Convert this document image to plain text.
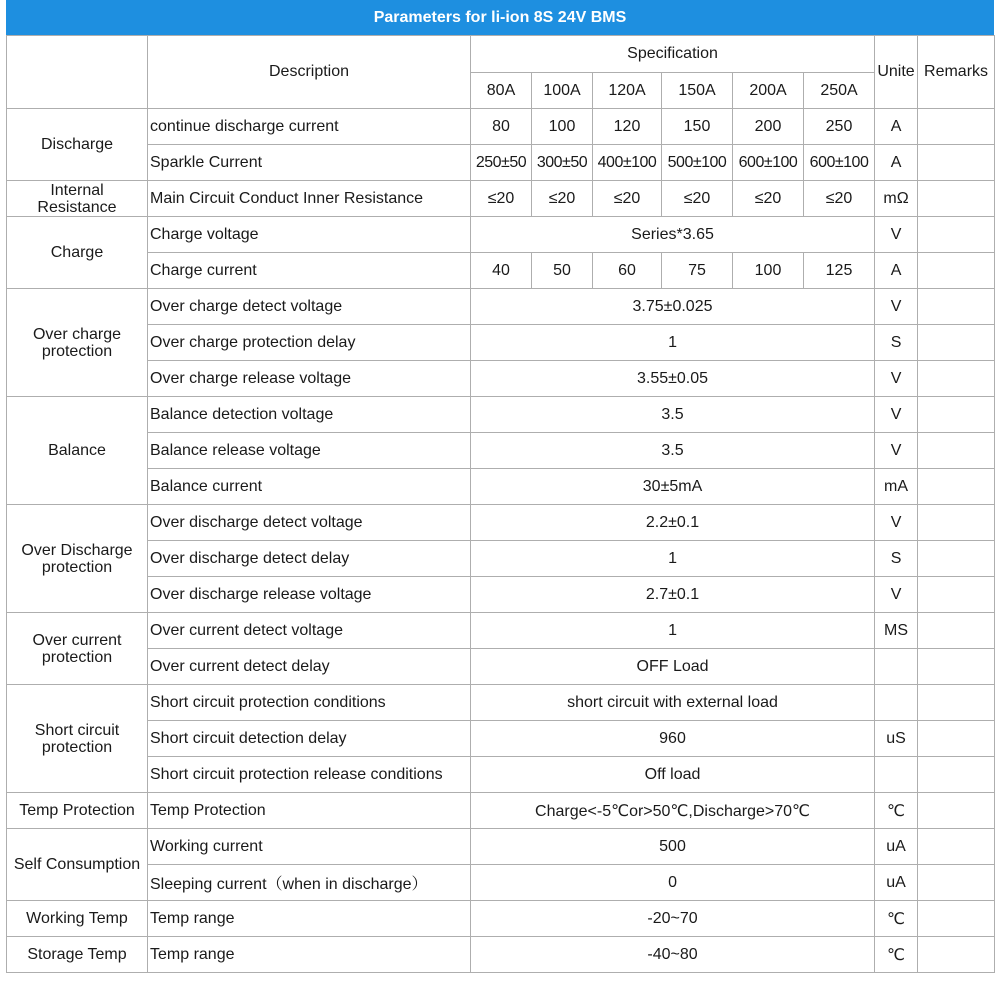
Parameters for li-ion 8S 24V BMS
	Description	Specification						Unite	Remarks
		80A	100A	120A	150A	200A	250A		
Discharge	continue discharge current	80	100	120	150	200	250	A	
	Sparkle Current	250±50	300±50	400±100	500±100	600±100	600±100	A	

Internal
Resistance	Main Circuit Conduct Inner Resistance	≤20	≤20	≤20	≤20	≤20	≤20	mΩ	
Charge	Charge voltage	Series*3.65						V	
	Charge current	40	50	60	75	100	125	A	

Over charge
protection	Over charge detect voltage	3.75±0.025						V	
	Over charge protection delay	1						S	
	Over charge release voltage	3.55±0.05						V	
Balance	Balance detection voltage	3.5						V	
	Balance release voltage	3.5						V	
	Balance current	30±5mA						mA	

Over Discharge
protection	Over discharge detect voltage	2.2±0.1						V	
	Over discharge detect delay	1						S	
	Over discharge release voltage	2.7±0.1						V	

Over current
protection	Over current detect voltage	1						MS	
	Over current detect delay	OFF Load							

Short circuit
protection	Short circuit protection conditions	short circuit with external load							
	Short circuit detection delay	960						uS	
	Short circuit protection release conditions	Off load							
Temp Protection	Temp Protection	Charge<-5℃or>50℃,Discharge>70℃						℃	
Self Consumption	Working current	500						uA	
	Sleeping current（when in discharge）	0						uA	
Working Temp	Temp range	-20~70						℃	
Storage Temp	Temp range	-40~80						℃	
